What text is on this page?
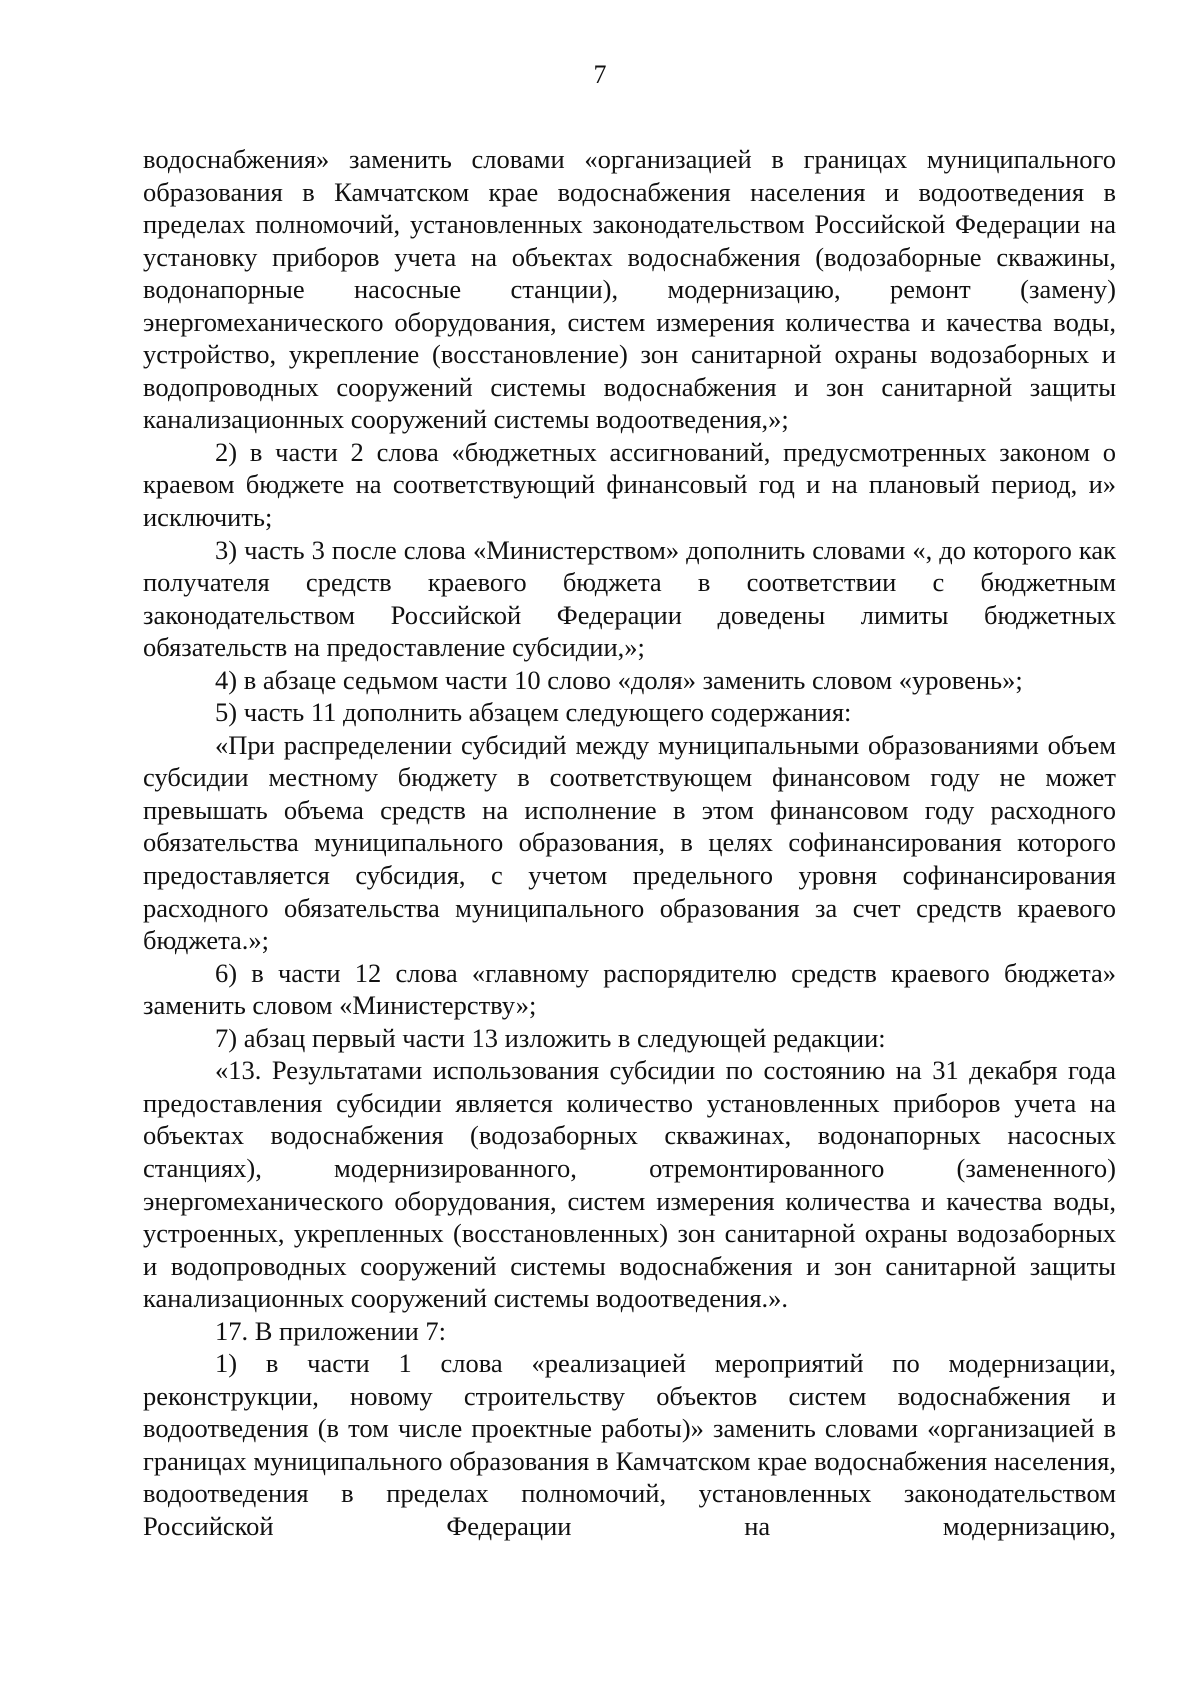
7

водоснабжения» заменить словами «организацией в границах муниципального образования в Камчатском крае водоснабжения населения и водоотведения в пределах полномочий, установленных законодательством Российской Федерации на установку приборов учета на объектах водоснабжения (водозаборные скважины, водонапорные насосные станции), модернизацию, ремонт (замену) энергомеханического оборудования, систем измерения количества и качества воды, устройство, укрепление (восстановление) зон санитарной охраны водозаборных и водопроводных сооружений системы водоснабжения и зон санитарной защиты канализационных сооружений системы водоотведения,»;

2) в части 2 слова «бюджетных ассигнований, предусмотренных законом о краевом бюджете на соответствующий финансовый год и на плановый период, и» исключить;

3) часть 3 после слова «Министерством» дополнить словами «, до которого как получателя средств краевого бюджета в соответствии с бюджетным законодательством Российской Федерации доведены лимиты бюджетных обязательств на предоставление субсидии,»;

4) в абзаце седьмом части 10 слово «доля» заменить словом «уровень»;

5) часть 11 дополнить абзацем следующего содержания:

«При распределении субсидий между муниципальными образованиями объем субсидии местному бюджету в соответствующем финансовом году не может превышать объема средств на исполнение в этом финансовом году расходного обязательства муниципального образования, в целях софинансирования которого предоставляется субсидия, с учетом предельного уровня софинансирования расходного обязательства муниципального образования за счет средств краевого бюджета.»;

6) в части 12 слова «главному распорядителю средств краевого бюджета» заменить словом «Министерству»;

7) абзац первый части 13 изложить в следующей редакции:

«13. Результатами использования субсидии по состоянию на 31 декабря года предоставления субсидии является количество установленных приборов учета на объектах водоснабжения (водозаборных скважинах, водонапорных насосных станциях), модернизированного, отремонтированного (замененного) энергомеханического оборудования, систем измерения количества и качества воды, устроенных, укрепленных (восстановленных) зон санитарной охраны водозаборных и водопроводных сооружений системы водоснабжения и зон санитарной защиты канализационных сооружений системы водоотведения.».

17. В приложении 7:

1) в части 1 слова «реализацией мероприятий по модернизации, реконструкции, новому строительству объектов систем водоснабжения и водоотведения (в том числе проектные работы)» заменить словами «организацией в границах муниципального образования в Камчатском крае водоснабжения населения, водоотведения в пределах полномочий, установленных законодательством Российской Федерации на модернизацию,
